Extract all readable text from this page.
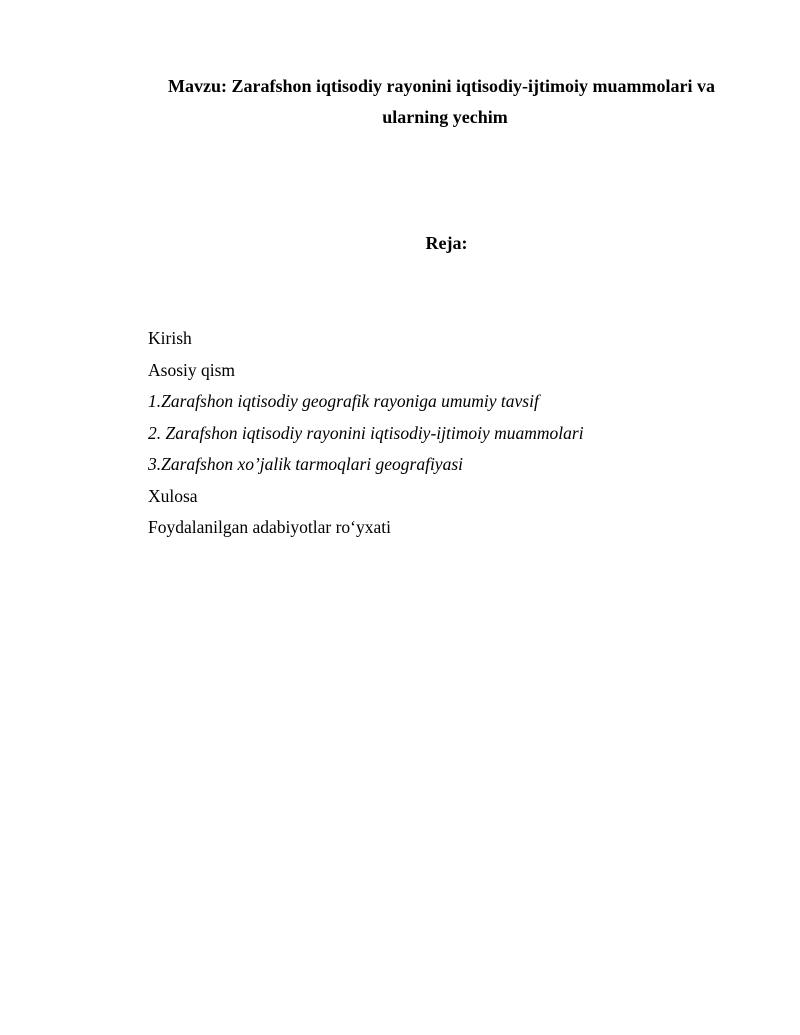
Mavzu: Zarafshon iqtisodiy rayonini iqtisodiy-ijtimoiy muammolari va
ularning yechim
Reja:
Kirish
Asosiy qism
1.Zarafshon iqtisodiy geografik rayoniga umumiy tavsif
2. Zarafshon iqtisodiy rayonini iqtisodiy-ijtimoiy muammolari
3.Zarafshon xo’jalik tarmoqlari geografiyasi
Xulosa
Foydalanilgan adabiyotlar ro‘yxati
